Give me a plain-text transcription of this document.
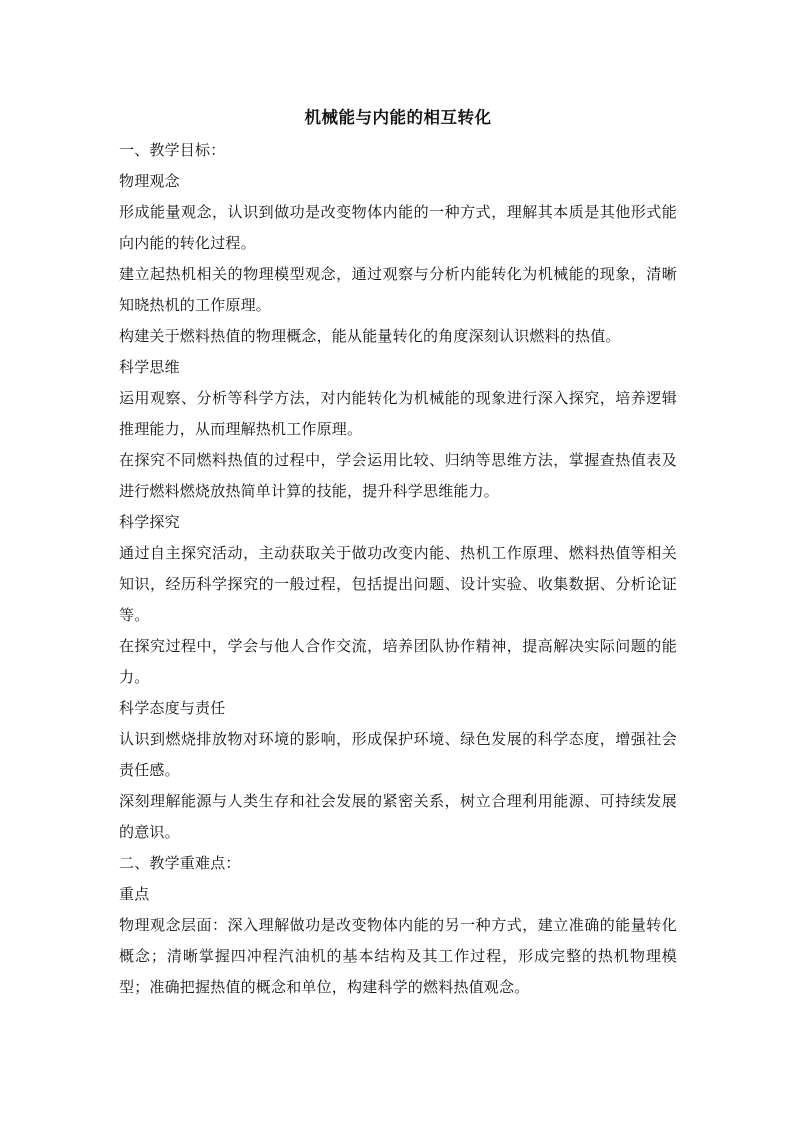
机械能与内能的相互转化

一、教学目标：

物理观念

形成能量观念，认识到做功是改变物体内能的一种方式，理解其本质是其他形式能向内能的转化过程。

建立起热机相关的物理模型观念，通过观察与分析内能转化为机械能的现象，清晰知晓热机的工作原理。

构建关于燃料热值的物理概念，能从能量转化的角度深刻认识燃料的热值。

科学思维

运用观察、分析等科学方法，对内能转化为机械能的现象进行深入探究，培养逻辑推理能力，从而理解热机工作原理。

在探究不同燃料热值的过程中，学会运用比较、归纳等思维方法，掌握查热值表及进行燃料燃烧放热简单计算的技能，提升科学思维能力。

科学探究

通过自主探究活动，主动获取关于做功改变内能、热机工作原理、燃料热值等相关知识，经历科学探究的一般过程，包括提出问题、设计实验、收集数据、分析论证等。

在探究过程中，学会与他人合作交流，培养团队协作精神，提高解决实际问题的能力。

科学态度与责任

认识到燃烧排放物对环境的影响，形成保护环境、绿色发展的科学态度，增强社会责任感。

深刻理解能源与人类生存和社会发展的紧密关系，树立合理利用能源、可持续发展的意识。

二、教学重难点：

重点

物理观念层面：深入理解做功是改变物体内能的另一种方式，建立准确的能量转化概念；清晰掌握四冲程汽油机的基本结构及其工作过程，形成完整的热机物理模型；准确把握热值的概念和单位，构建科学的燃料热值观念。
